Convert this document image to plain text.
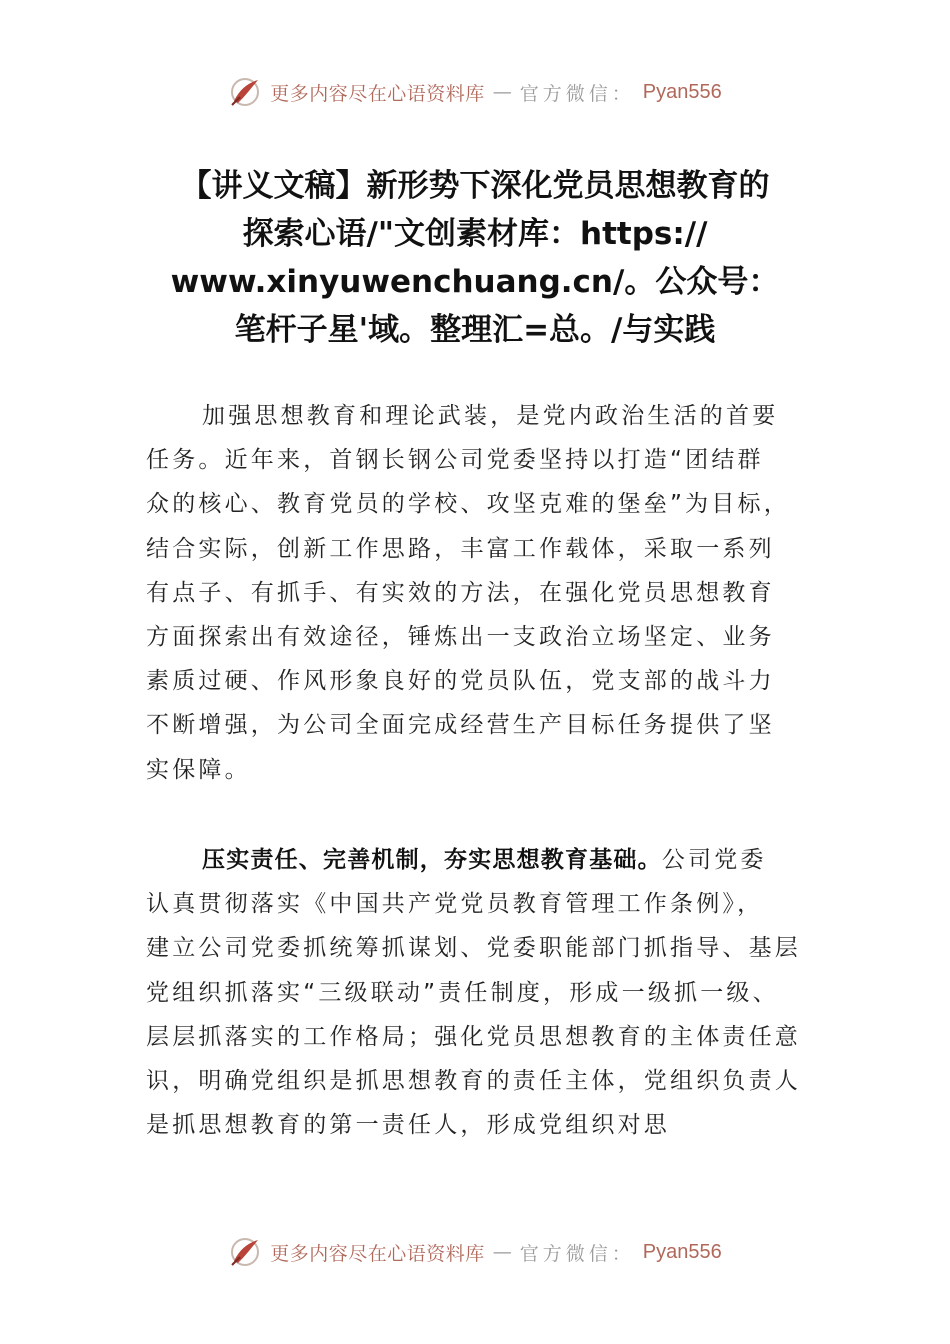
更多内容尽在心语资料库 — 官方微信： Pyan556
【讲义文稿】新形势下深化党员思想教育的
探索心语/"文创素材库：https://
www.xinyuwenchuang.cn/。公众号：
笔杆子星'域。整理汇=总。/与实践
加强思想教育和理论武装，是党内政治生活的首要
任务。近年来，首钢长钢公司党委坚持以打造“团结群
众的核心、教育党员的学校、攻坚克难的堡垒”为目标，
结合实际，创新工作思路，丰富工作载体，采取一系列
有点子、有抓手、有实效的方法，在强化党员思想教育
方面探索出有效途径，锤炼出一支政治立场坚定、业务
素质过硬、作风形象良好的党员队伍，党支部的战斗力
不断增强，为公司全面完成经营生产目标任务提供了坚
实保障。
压实责任、完善机制，夯实思想教育基础。公司党委
认真贯彻落实《中国共产党党员教育管理工作条例》，
建立公司党委抓统筹抓谋划、党委职能部门抓指导、基层
党组织抓落实“三级联动”责任制度，形成一级抓一级、
层层抓落实的工作格局；强化党员思想教育的主体责任意
识，明确党组织是抓思想教育的责任主体，党组织负责人
是抓思想教育的第一责任人，形成党组织对思
更多内容尽在心语资料库 — 官方微信： Pyan556
